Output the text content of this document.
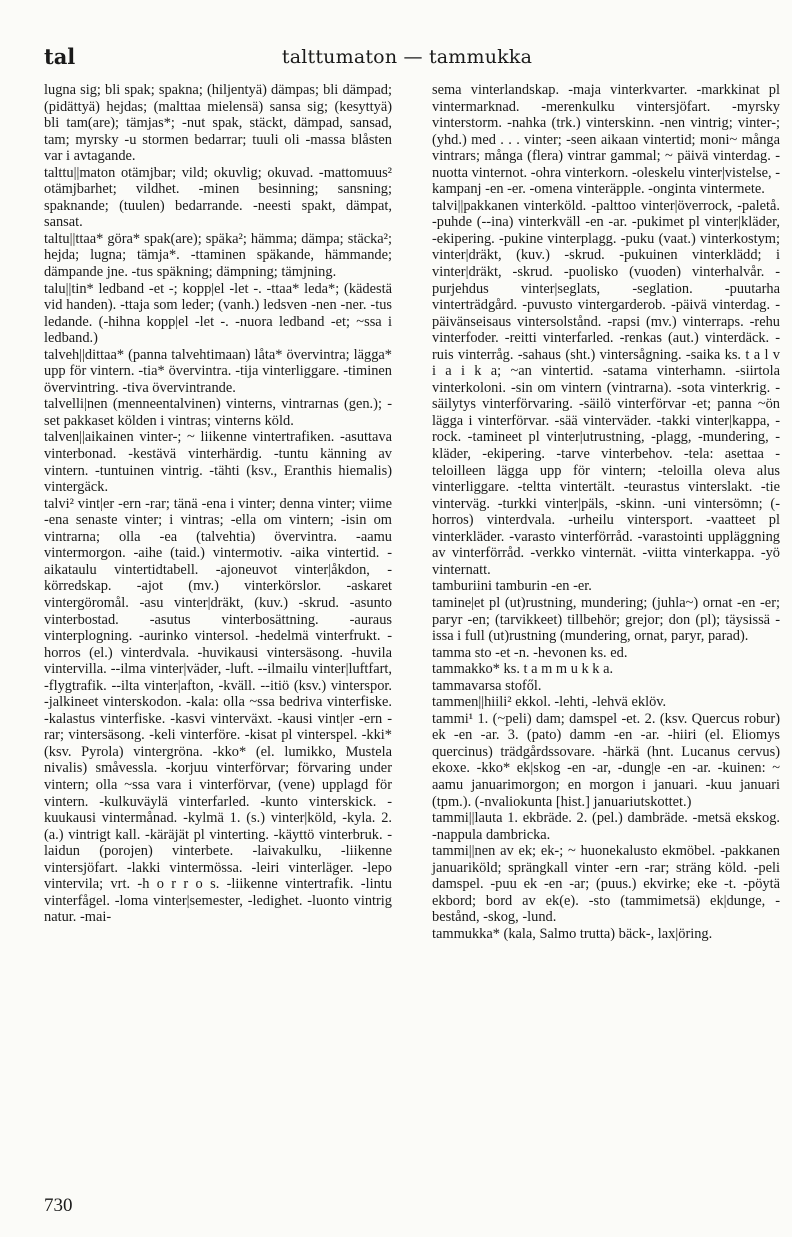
tal	talttumaton — tammukka

lugna sig; bli spak; spakna; (hiljentyä) dämpas; bli dämpad; (pidättyä) hejdas; (malttaa mielensä) sansa sig; (kesyttyä) bli tam(are); tämjas*; -nut spak, stäckt, dämpad, sansad, tam; myrsky -u stormen bedarrar; tuuli oli -massa blåsten var i avtagande.

talttu||maton otämjbar; vild; okuvlig; okuvad. -mattomuus² otämjbarhet; vildhet. -minen besinning; sansning; spaknande; (tuulen) bedarrande. -neesti spakt, dämpat, sansat.

taltu||ttaa* göra* spak(are); späka²; hämma; dämpa; stäcka²; hejda; lugna; tämja*. -ttaminen späkande, hämmande; dämpande jne. -tus späkning; dämpning; tämjning.

talu||tin* ledband -et -; kopp|el -let -. -ttaa* leda*; (kädestä vid handen). -ttaja som leder; (vanh.) ledsven -nen -ner. -tus ledande. (-hihna kopp|el -let -. -nuora ledband -et; ~ssa i ledband.)

talveh||dittaa* (panna talvehtimaan) låta* övervintra; lägga* upp för vintern. -tia* övervintra. -tija vinterliggare. -timinen övervintring. -tiva övervintrande.

talvelli|nen (menneentalvinen) vinterns, vintrarnas (gen.); -set pakkaset kölden i vintras; vinterns köld.

talven||aikainen vinter-; ~ liikenne vintertrafiken. -asuttava vinterbonad. -kestävä vinterhärdig. -tuntu känning av vintern. -tuntuinen vintrig. -tähti (ksv., Eranthis hiemalis) vintergäck.

talvi² vint|er -ern -rar; tänä -ena i vinter; denna vinter; viime -ena senaste vinter; i vintras; -ella om vintern; -isin om vintrarna; olla -ea (talvehtia) övervintra. -aamu vintermorgon. -aihe (taid.) vintermotiv. -aika vintertid. -aikataulu vintertidtabell. -ajoneuvot vinter|åkdon, -körredskap. -ajot (mv.) vinterkörslor. -askaret vintergöromål. -asu vinter|dräkt, (kuv.) -skrud. -asunto vinterbostad. -asutus vinterbosättning. -auraus vinterplogning. -aurinko vintersol. -hedelmä vinterfrukt. -horros (el.) vinterdvala. -huvikausi vintersäsong. -huvila vintervilla. --ilma vinter|väder, -luft. --ilmailu vinter|luftfart, -flygtrafik. --ilta vinter|afton, -kväll. --itiö (ksv.) vinterspor. -jalkineet vinterskodon. -kala: olla ~ssa bedriva vinterfiske. -kalastus vinterfiske. -kasvi vinterväxt. -kausi vint|er -ern -rar; vintersäsong. -keli vinterföre. -kisat pl vinterspel. -kki* (ksv. Pyrola) vintergröna. -kko* (el. lumikko, Mustela nivalis) småvessla. -korjuu vinterförvar; förvaring under vintern; olla ~ssa vara i vinterförvar, (vene) upplagd för vintern. -kulkuväylä vinterfarled. -kunto vinterskick. -kuukausi vintermånad. -kylmä 1. (s.) vinter|köld, -kyla. 2. (a.) vintrigt kall. -käräjät pl vinterting. -käyttö vinterbruk. -laidun (porojen) vinterbete. -laivakulku, -liikenne vintersjöfart. -lakki vintermössa. -leiri vinterläger. -lepo vintervila; vrt. -h o r r o s. -liikenne vintertrafik. -lintu vinterfågel. -loma vinter|semester, -ledighet. -luonto vintrig natur. -mai-

sema vinterlandskap. -maja vinterkvarter. -markkinat pl vintermarknad. -merenkulku vintersjöfart. -myrsky vinterstorm. -nahka (trk.) vinterskinn. -nen vintrig; vinter-; (yhd.) med . . . vinter; -seen aikaan vintertid; moni~ många vintrars; många (flera) vintrar gammal; ~ päivä vinterdag. -nuotta vinternot. -ohra vinterkorn. -oleskelu vinter|vistelse, -kampanj -en -er. -omena vinteräpple. -onginta vintermete.

talvi||pakkanen vinterköld. -palttoo vinter|överrock, -paletå. -puhde (--ina) vinterkväll -en -ar. -pukimet pl vinter|kläder, -ekipering. -pukine vinterplagg. -puku (vaat.) vinterkostym; vinter|dräkt, (kuv.) -skrud. -pukuinen vinterklädd; i vinter|dräkt, -skrud. -puolisko (vuoden) vinterhalvår. -purjehdus vinter|seglats, -seglation. -puutarha vinterträdgård. -puvusto vintergarderob. -päivä vinterdag. -päivänseisaus vintersolstånd. -rapsi (mv.) vinterraps. -rehu vinterfoder. -reitti vinterfarled. -renkas (aut.) vinterdäck. -ruis vinterråg. -sahaus (sht.) vintersågning. -saika ks. t a l v i a i k a; ~an vintertid. -satama vinterhamn. -siirtola vinterkoloni. -sin om vintern (vintrarna). -sota vinterkrig. -säilytys vinterförvaring. -säilö vinterförvar -et; panna ~ön lägga i vinterförvar. -sää vinterväder. -takki vinter|kappa, -rock. -tamineet pl vinter|utrustning, -plagg, -mundering, -kläder, -ekipering. -tarve vinterbehov. -tela: asettaa -teloilleen lägga upp för vintern; -teloilla oleva alus vinterliggare. -teltta vintertält. -teurastus vinterslakt. -tie vinterväg. -turkki vinter|päls, -skinn. -uni vintersömn; (-horros) vinterdvala. -urheilu vintersport. -vaatteet pl vinterkläder. -varasto vinterförråd. -varastointi uppläggning av vinterförråd. -verkko vinternät. -viitta vinterkappa. -yö vinternatt.

tamburiini tamburin -en -er.

tamine|et pl (ut)rustning, mundering; (juhla~) ornat -en -er; paryr -en; (tarvikkeet) tillbehör; grejor; don (pl); täysissä -issa i full (ut)rustning (mundering, ornat, paryr, parad).

tamma sto -et -n. -hevonen ks. ed.

tammakko* ks. t a m m u k k a.

tammavarsa stofől.

tammen||hiili² ekkol. -lehti, -lehvä eklöv.

tammi¹ 1. (~peli) dam; damspel -et. 2. (ksv. Quercus robur) ek -en -ar. 3. (pato) damm -en -ar. -hiiri (el. Eliomys quercinus) trädgårdssovare. -härkä (hnt. Lucanus cervus) ekoxe. -kko* ek|skog -en -ar, -dung|e -en -ar. -kuinen: ~ aamu januarimorgon; en morgon i januari. -kuu januari (tpm.). (-nvaliokunta [hist.] januariutskottet.)

tammi||lauta 1. ekbräde. 2. (pel.) dambräde. -metsä ekskog. -nappula dambricka.

tammi||nen av ek; ek-; ~ huonekalusto ekmöbel. -pakkanen januariköld; sprängkall vinter -ern -rar; sträng köld. -peli damspel. -puu ek -en -ar; (puus.) ekvirke; eke -t. -pöytä ekbord; bord av ek(e). -sto (tammimetsä) ek|dunge, -bestånd, -skog, -lund.

tammukka* (kala, Salmo trutta) bäck-, lax|öring.

730
